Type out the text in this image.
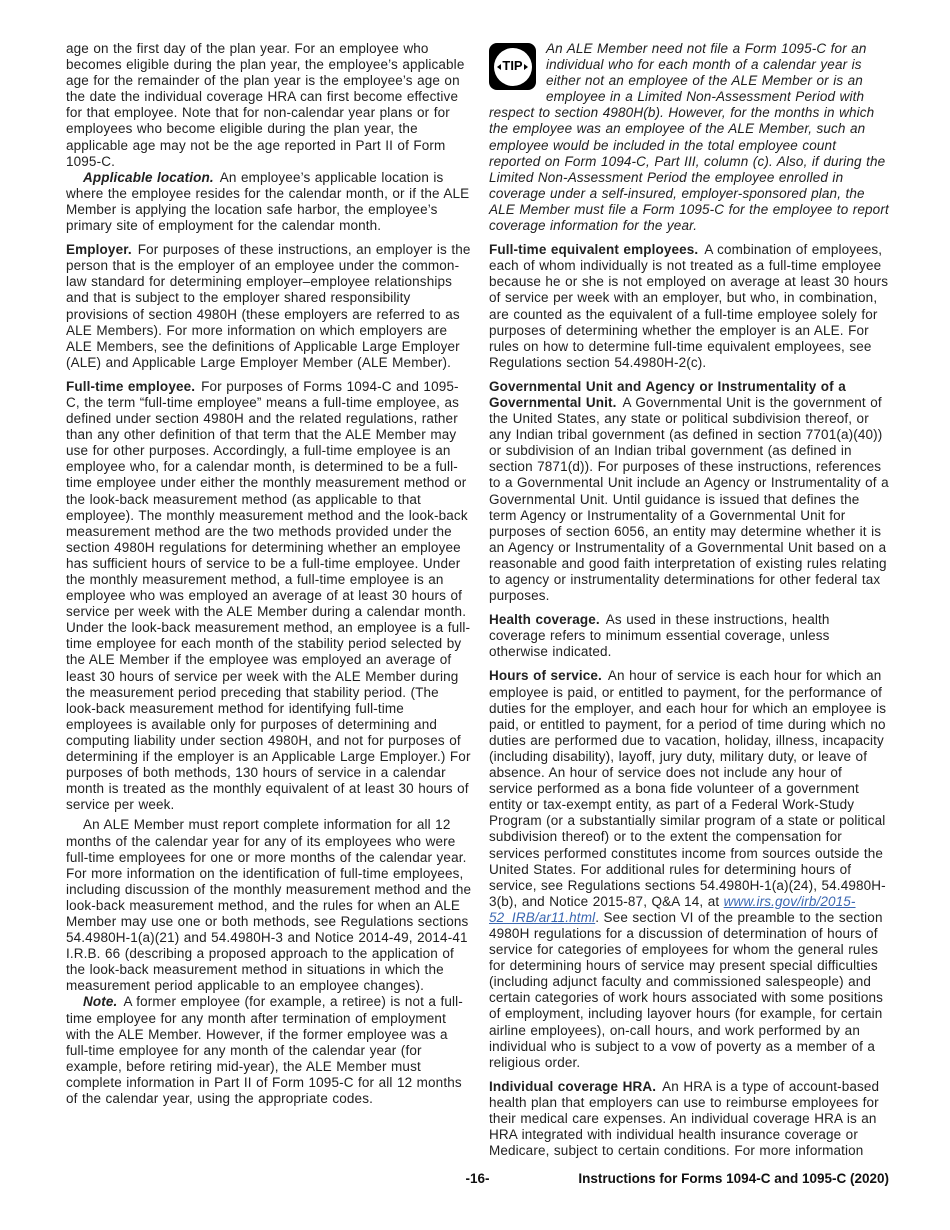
age on the first day of the plan year. For an employee who becomes eligible during the plan year, the employee’s applicable age for the remainder of the plan year is the employee’s age on the date the individual coverage HRA can first become effective for that employee. Note that for non-calendar year plans or for employees who become eligible during the plan year, the applicable age may not be the age reported in Part II of Form 1095-C.

Applicable location. An employee’s applicable location is where the employee resides for the calendar month, or if the ALE Member is applying the location safe harbor, the employee’s primary site of employment for the calendar month.

Employer. For purposes of these instructions, an employer is the person that is the employer of an employee under the common-law standard for determining employer–employee relationships and that is subject to the employer shared responsibility provisions of section 4980H (these employers are referred to as ALE Members). For more information on which employers are ALE Members, see the definitions of Applicable Large Employer (ALE) and Applicable Large Employer Member (ALE Member).

Full-time employee. For purposes of Forms 1094-C and 1095-C, the term “full-time employee” means a full-time employee, as defined under section 4980H and the related regulations, rather than any other definition of that term that the ALE Member may use for other purposes. Accordingly, a full-time employee is an employee who, for a calendar month, is determined to be a full-time employee under either the monthly measurement method or the look-back measurement method (as applicable to that employee). The monthly measurement method and the look-back measurement method are the two methods provided under the section 4980H regulations for determining whether an employee has sufficient hours of service to be a full-time employee. Under the monthly measurement method, a full-time employee is an employee who was employed an average of at least 30 hours of service per week with the ALE Member during a calendar month. Under the look-back measurement method, an employee is a full-time employee for each month of the stability period selected by the ALE Member if the employee was employed an average of least 30 hours of service per week with the ALE Member during the measurement period preceding that stability period. (The look-back measurement method for identifying full-time employees is available only for purposes of determining and computing liability under section 4980H, and not for purposes of determining if the employer is an Applicable Large Employer.) For purposes of both methods, 130 hours of service in a calendar month is treated as the monthly equivalent of at least 30 hours of service per week.

An ALE Member must report complete information for all 12 months of the calendar year for any of its employees who were full-time employees for one or more months of the calendar year. For more information on the identification of full-time employees, including discussion of the monthly measurement method and the look-back measurement method, and the rules for when an ALE Member may use one or both methods, see Regulations sections 54.4980H-1(a)(21) and 54.4980H-3 and Notice 2014-49, 2014-41 I.R.B. 66 (describing a proposed approach to the application of the look-back measurement method in situations in which the measurement period applicable to an employee changes).

Note. A former employee (for example, a retiree) is not a full-time employee for any month after termination of employment with the ALE Member. However, if the former employee was a full-time employee for any month of the calendar year (for example, before retiring mid-year), the ALE Member must complete information in Part II of Form 1095-C for all 12 months of the calendar year, using the appropriate codes.

TIP
An ALE Member need not file a Form 1095-C for an individual who for each month of a calendar year is either not an employee of the ALE Member or is an employee in a Limited Non-Assessment Period with respect to section 4980H(b). However, for the months in which the employee was an employee of the ALE Member, such an employee would be included in the total employee count reported on Form 1094-C, Part III, column (c). Also, if during the Limited Non-Assessment Period the employee enrolled in coverage under a self-insured, employer-sponsored plan, the ALE Member must file a Form 1095-C for the employee to report coverage information for the year.

Full-time equivalent employees. A combination of employees, each of whom individually is not treated as a full-time employee because he or she is not employed on average at least 30 hours of service per week with an employer, but who, in combination, are counted as the equivalent of a full-time employee solely for purposes of determining whether the employer is an ALE. For rules on how to determine full-time equivalent employees, see Regulations section 54.4980H-2(c).

Governmental Unit and Agency or Instrumentality of a Governmental Unit. A Governmental Unit is the government of the United States, any state or political subdivision thereof, or any Indian tribal government (as defined in section 7701(a)(40)) or subdivision of an Indian tribal government (as defined in section 7871(d)). For purposes of these instructions, references to a Governmental Unit include an Agency or Instrumentality of a Governmental Unit. Until guidance is issued that defines the term Agency or Instrumentality of a Governmental Unit for purposes of section 6056, an entity may determine whether it is an Agency or Instrumentality of a Governmental Unit based on a reasonable and good faith interpretation of existing rules relating to agency or instrumentality determinations for other federal tax purposes.

Health coverage. As used in these instructions, health coverage refers to minimum essential coverage, unless otherwise indicated.

Hours of service. An hour of service is each hour for which an employee is paid, or entitled to payment, for the performance of duties for the employer, and each hour for which an employee is paid, or entitled to payment, for a period of time during which no duties are performed due to vacation, holiday, illness, incapacity (including disability), layoff, jury duty, military duty, or leave of absence. An hour of service does not include any hour of service performed as a bona fide volunteer of a government entity or tax-exempt entity, as part of a Federal Work-Study Program (or a substantially similar program of a state or political subdivision thereof) or to the extent the compensation for services performed constitutes income from sources outside the United States. For additional rules for determining hours of service, see Regulations sections 54.4980H-1(a)(24), 54.4980H-3(b), and Notice 2015-87, Q&A 14, at www.irs.gov/irb/2015-52_IRB/ar11.html. See section VI of the preamble to the section 4980H regulations for a discussion of determination of hours of service for categories of employees for whom the general rules for determining hours of service may present special difficulties (including adjunct faculty and commissioned salespeople) and certain categories of work hours associated with some positions of employment, including layover hours (for example, for certain airline employees), on-call hours, and work performed by an individual who is subject to a vow of poverty as a member of a religious order.

Individual coverage HRA. An HRA is a type of account-based health plan that employers can use to reimburse employees for their medical care expenses. An individual coverage HRA is an HRA integrated with individual health insurance coverage or Medicare, subject to certain conditions. For more information

-16-	Instructions for Forms 1094-C and 1095-C (2020)
